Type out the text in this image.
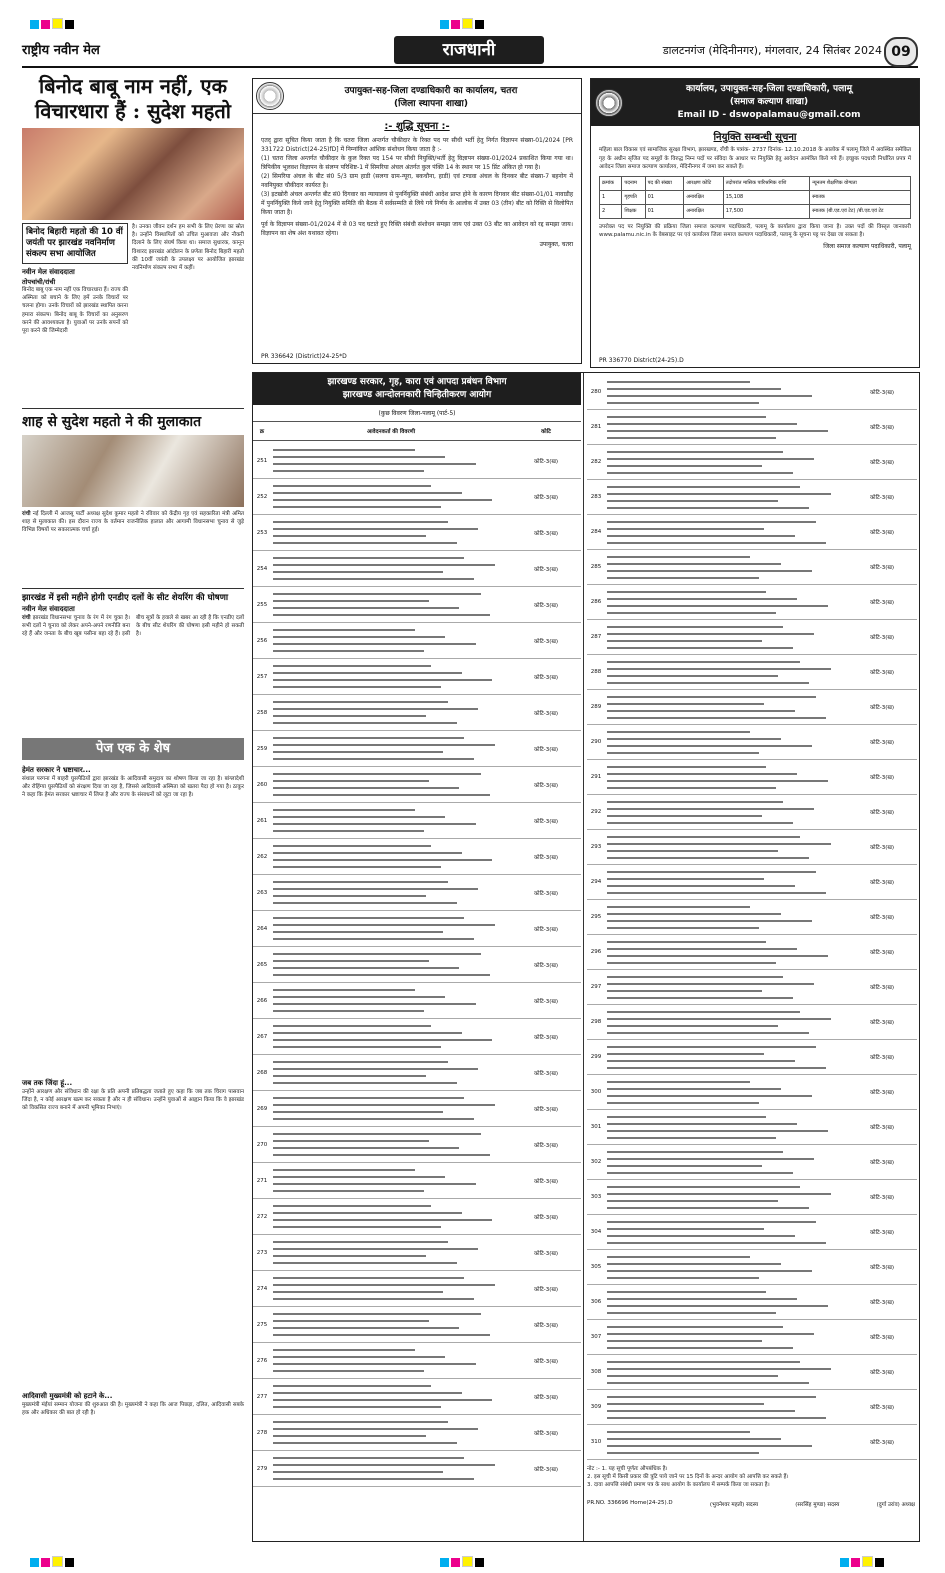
राष्ट्रीय नवीन मेल	राजधानी	डालटनगंज (मेदिनीनगर), मंगलवार, 24 सितंबर 2024 09
बिनोद बाबू नाम नहीं, एक विचारधारा हैं : सुदेश महतो
बिनोद बिहारी महतो की 10 वीं जयंती पर झारखंड नवनिर्माण संकल्प सभा आयोजित
नवीन मेल संवाददाता
तोपचांची/रांची
बिनोद बाबू एक नाम नहीं एक विचारधारा हैं। राज्य की अस्मिता को बचाने के लिए हमें उनके विचारों पर चलना होगा। उनके विचारों को झारखंड स्थापित करना हमारा संकल्प। बिनोद बाबू के विचारों का अनुसरण करने की आवश्यकता है। युवाओं पर उनके सपनों को पूरा करने की जिम्मेदारी
है। उनका जीवन दर्शन हम सभी के लिए प्रेरणा का स्रोत है। उन्होंने विस्थापितों को उचित मुआवजा और नौकरी दिलाने के लिए संघर्ष किया था। समाज सुधारक, कानून विशारद झारखंड आंदोलन के प्रणेता बिनोद बिहारी महतो की 10वीं जयंती के उपलक्ष्य पर आयोजित झारखंड नवनिर्माण संकल्प सभा में कहीं।
शाह से सुदेश महतो ने की मुलाकात
रांची नई दिल्ली में आजसू पार्टी अध्यक्ष सुदेश कुमार महतो ने रविवार को केंद्रीय गृह एवं सहकारिता मंत्री अमित शाह से मुलाकात की। इस दौरान राज्य के वर्तमान राजनीतिक हालात और आगामी विधानसभा चुनाव से जुड़े विभिन्न विषयों पर सकारात्मक चर्चा हुई।
झारखंड में इसी महीने होगी एनडीए दलों के सीट शेयरिंग की घोषणा
नवीन मेल संवाददाता
रांची झारखंड विधानसभा चुनाव के रंग में रंग चुका है। सभी दलों ने चुनाव को लेकर अपने-अपने रणनीति बना रहे हैं और जनता के बीच खूब पसीना बहा रहे हैं। इसी बीच सूत्रों के हवाले से खबर आ रही है कि एनडीए दलों के बीच सीट शेयरिंग की घोषणा इसी महीने हो सकती है।
पेज एक के शेष
हेमंत सरकार ने भ्रष्टाचार...
संथाल परगना में बाहरी घुसपैठियों द्वारा झारखंड के आदिवासी समुदाय का शोषण किया जा रहा है। बांग्लादेशी और रोहिंग्या घुसपैठियों को संरक्षण दिया जा रहा है, जिससे आदिवासी अस्मिता को खतरा पैदा हो गया है। ठाकुर ने कहा कि हेमंत सरकार भ्रष्टाचार में लिप्त है और राज्य के संसाधनों को लूटा जा रहा है।
जब तक जिंदा हूं...
उन्होंने आरक्षण और संविधान की रक्षा के प्रति अपनी प्रतिबद्धता जताते हुए कहा कि जब तक चिराग पासवान जिंदा है, न कोई आरक्षण खत्म कर सकता है और न ही संविधान। उन्होंने युवाओं से आह्वान किया कि वे झारखंड को विकसित राज्य बनाने में अपनी भूमिका निभाएं।
आदिवासी मुख्यमंत्री को हटाने के...
मुख्यमंत्री मंईयां सम्मान योजना की शुरुआत की है। मुख्यमंत्री ने कहा कि आज पिछड़ा, दलित, आदिवासी सबके हक और अधिकार की बात हो रही है।
उपायुक्त-सह-जिला दण्डाधिकारी का कार्यालय, चतरा
(जिला स्थापना शाखा)
:- शुद्धि सूचना :-
एतद् द्वारा सूचित किया जाता है कि चतरा जिला अन्तर्गत चौकीदार के रिक्त पद पर सीधी भर्ती हेतु निर्गत विज्ञापन संख्या-01/2024 [PR 331722 District(24-25)fD] में निम्नांकित आंशिक संशोधन किया जाता है :-
(1) चतरा जिला अन्तर्गत चौकीदार के कुल रिक्त पद 154 पर सीधी नियुक्ति/भर्ती हेतु विज्ञापन संख्या-01/2024 प्रकाशित किया गया था। त्रिपिकीय भूलवश विज्ञापन के संलग्न परिशिष्ट-1 में सिमरिया अंचल अंतर्गत कुल पंक्ति 14 के स्थान पर 15 प्रिंट अंकित हो गया है।
(2) सिमरिया अंचल के बीट सं0 5/3 ग्राम हाडी (सलगा ग्राम-न्यूरा, बकचौना, हाडी) एवं टण्डवा अंचल के दिनकर बीट संख्या-7 बहनोग में नवनियुक्त चौकीदार कार्यरत है।
(3) इटखोरी अंचल अन्तर्गत बीट सं0 दिगवार का न्यायालय से पुनर्नियुक्ति संबंधी आदेश प्राप्त होने के कारण दिगवार बीट संख्या-01/01 नावाडीह में पुनर्नियुक्ति किये जाने हेतु नियुक्ति समिति की बैठक में सर्वसम्मति से लिये गये निर्णय के आलोक में उक्त 03 (तीन) बीट को रिक्ति से विलोपित किया जाता है।
पूर्व के विज्ञापन संख्या-01/2024 में से 03 पद घटाते हुए रिक्ति संबंधी संशोधन समझा जाय एवं उक्त 03 बीट का आवेदन को रद्द समझा जाय। विज्ञापन का शेष अंश यथावत रहेगा।
उपायुक्त, चतरा
PR 336642 (District)24-25*D
कार्यालय, उपायुक्त-सह-जिला दण्डाधिकारी, पलामू
(समाज कल्याण शाखा)
Email ID - dswopalamau@gmail.com
नियुक्ति सम्बन्धी सूचना
महिला बाल विकास एवं सामाजिक सुरक्षा विभाग, झारखण्ड, राँची के पत्रांक- 2737 दिनांक- 12.10.2018 के आलोक में पलामू जिले में अवस्थित समेकित गृह के अधीन सृजित पद समूहों के विरुद्ध निम्न पदों पर संविदा के आधार पर नियुक्ति हेतु आवेदन आमंत्रित किये गये हैं। इच्छुक पदधारी निर्धारित प्रपत्र में आवेदन जिला समाज कल्याण कार्यालय, मेदिनीनगर में जमा कर सकते हैं।
क्रमांक	पदनाम	पद की संख्या	आरक्षण कोटि	तदोपरांत मासिक पारिश्रमिक राशि	न्यूनतम शैक्षणिक योग्यता
1	गृहपति	01	अनारक्षित	15,108	स्नातक
2	शिक्षक	01	अनारक्षित	17,500	स्नातक (बी.एड.एवं टेट) /बी.एड.एवं टेट
उपरोक्त पद पर नियुक्ति की प्रक्रिया जिला समाज कल्याण पदाधिकारी, पलामू के कार्यालय द्वारा किया जाना है। उक्त पदों की विस्तृत जानकारी www.palamu.nic.in के वेबसाइट पर एवं कार्यालय जिला समाज कल्याण पदाधिकारी, पलामू के सूचना पट्ट पर देखा जा सकता है।
जिला समाज कल्याण पदाधिकारी, पलामू
PR 336770 District(24-25).D
झारखण्ड सरकार, गृह, कारा एवं आपदा प्रबंधन विभाग
झारखण्ड आन्दोलनकारी चिन्हितीकरण आयोग
(कुछ विवरण जिला-पलामू (पार्ट-5)
क्र	आवेदनकर्ता की विवरणी	कोटि
251	कोटि-3(ख)
252	कोटि-3(ख)
253	कोटि-3(ख)
254	कोटि-3(ख)
255	कोटि-3(ख)
256	कोटि-3(ख)
257	कोटि-3(ख)
258	कोटि-3(ख)
259	कोटि-3(ख)
260	कोटि-3(ख)
261	कोटि-3(ख)
262	कोटि-3(ख)
263	कोटि-3(ख)
264	कोटि-3(ख)
265	कोटि-3(ख)
266	कोटि-3(ख)
267	कोटि-3(ख)
268	कोटि-3(ख)
269	कोटि-3(ख)
270	कोटि-3(ख)
271	कोटि-3(ख)
272	कोटि-3(ख)
273	कोटि-3(ख)
274	कोटि-3(ख)
275	कोटि-3(ख)
276	कोटि-3(ख)
277	कोटि-3(ख)
278	कोटि-3(ख)
279	कोटि-3(ख)
280	कोटि-3(ख)
281	कोटि-3(ख)
282	कोटि-3(ख)
283	कोटि-3(ख)
284	कोटि-3(ख)
285	कोटि-3(ख)
286	कोटि-3(ख)
287	कोटि-3(ख)
288	कोटि-3(ख)
289	कोटि-3(ख)
290	कोटि-3(ख)
291	कोटि-3(ख)
292	कोटि-3(ख)
293	कोटि-3(ख)
294	कोटि-3(ख)
295	कोटि-3(ख)
296	कोटि-3(ख)
297	कोटि-3(ख)
298	कोटि-3(ख)
299	कोटि-3(ख)
300	कोटि-3(ख)
301	कोटि-3(ख)
302	कोटि-3(ख)
303	कोटि-3(ख)
304	कोटि-3(ख)
305	कोटि-3(ख)
306	कोटि-3(ख)
307	कोटि-3(ख)
308	कोटि-3(ख)
309	कोटि-3(ख)
310	कोटि-3(ख)
नोट :- 1. यह सूची पूर्णतः औपबंधिक है।
2. इस सूची में किसी प्रकार की त्रुटि पाये जाने पर 15 दिनों के अन्दर आयोग को आपत्ति कर सकते हैं।
3. दावा आपत्ति संबंधी प्रमाण पत्र के साथ आयोग के कार्यालय में सम्पर्क किया जा सकता है।
PR.NO. 336696 Home(24-25).D	(भुवनेश्वर महतो) सदस्य	(सरसिंह मुण्डा) सदस्य	(दुर्गा उरांव) अध्यक्ष
